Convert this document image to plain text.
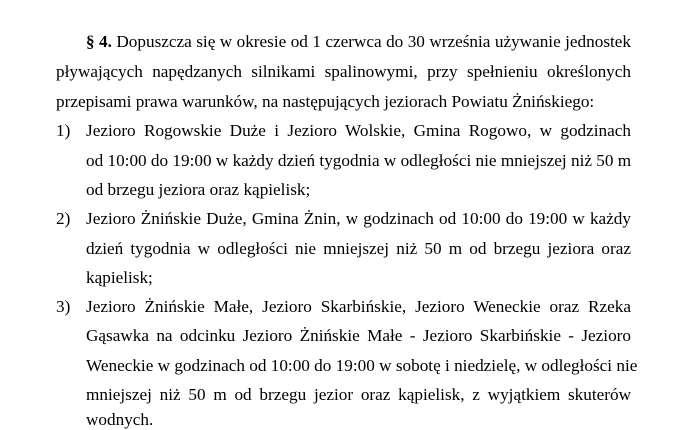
§ 4. Dopuszcza się w okresie od 1 czerwca do 30 września używanie jednostek
pływających napędzanych silnikami spalinowymi, przy spełnieniu określonych
przepisami prawa warunków, na następujących jeziorach Powiatu Żnińskiego:
1) Jezioro Rogowskie Duże i Jezioro Wolskie, Gmina Rogowo, w godzinach
od 10:00 do 19:00 w każdy dzień tygodnia w odległości nie mniejszej niż 50 m
od brzegu jeziora oraz kąpielisk;
2) Jezioro Żnińskie Duże, Gmina Żnin, w godzinach od 10:00 do 19:00 w każdy
dzień tygodnia w odległości nie mniejszej niż 50 m od brzegu jeziora oraz
kąpielisk;
3) Jezioro Żnińskie Małe, Jezioro Skarbińskie, Jezioro Weneckie oraz Rzeka
Gąsawka na odcinku Jezioro Żnińskie Małe - Jezioro Skarbińskie - Jezioro
Weneckie w godzinach od 10:00 do 19:00 w sobotę i niedzielę, w odległości nie
mniejszej niż 50 m od brzegu jezior oraz kąpielisk, z wyjątkiem skuterów
wodnych.
